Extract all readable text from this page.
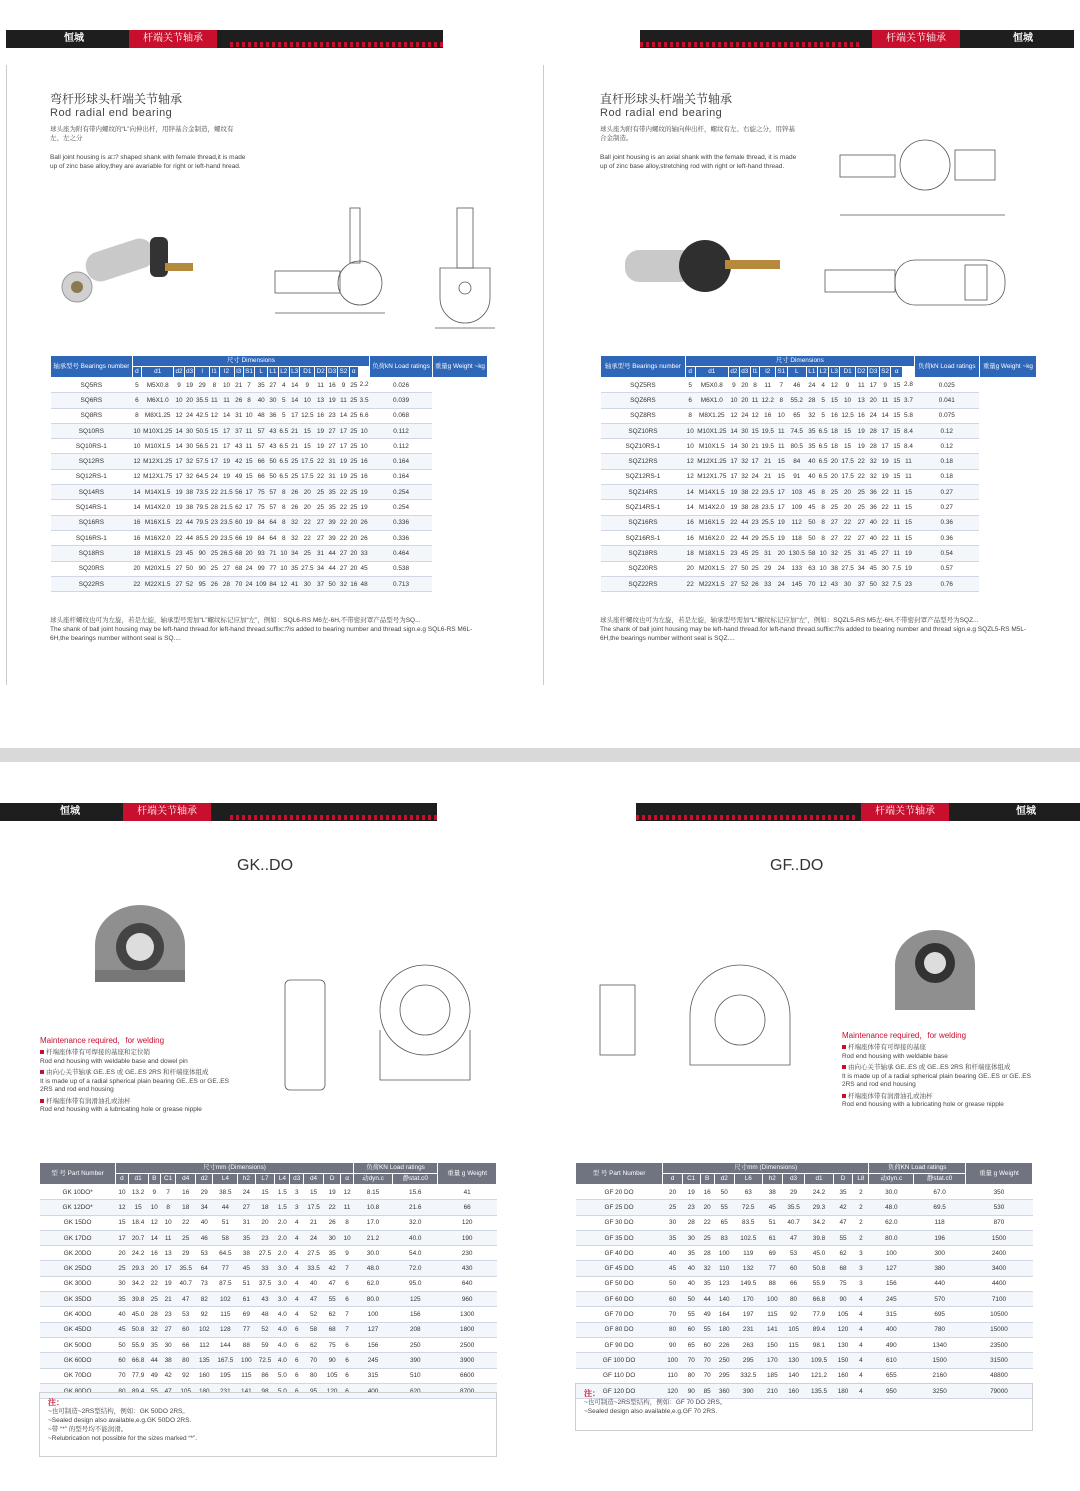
恒城	杆端关节轴承	杆端关节轴承	恒城
弯杆形球头杆端关节轴承
Rod radial end bearing

球头座为附有带内螺纹的“L”向伸出杆，用锌基合金制造，螺纹有左、左之分

Ball joint housing is a□? shaped shank with female thread,it is made up of zinc base alloy,they are avariable for right or left-hand hread.

轴承型号 Bearings number	尺寸 Dimensions																			负荷kN Load ratings	重量g Weight ~kg
	d	d1	d2	d3	l	l1	l2	l3	S1	L	L1	L2	L3	D1	D2	D3	S2	α			
SQ5RS	5	M5X0.8	9	19	29	8	10	21	7	35	27	4	14	9	11	16	9	25	2.2	0.026	
SQ6RS	6	M6X1.0	10	20	35.5	11	11	26	8	40	30	5	14	10	13	19	11	25	3.5	0.039	
SQ8RS	8	M8X1.25	12	24	42.5	12	14	31	10	48	36	5	17	12.5	16	23	14	25	6.6	0.068	
SQ10RS	10	M10X1.25	14	30	50.5	15	17	37	11	57	43	6.5	21	15	19	27	17	25	10	0.112	
SQ10RS-1	10	M10X1.5	14	30	56.5	21	17	43	11	57	43	6.5	21	15	19	27	17	25	10	0.112	
SQ12RS	12	M12X1.25	17	32	57.5	17	19	42	15	66	50	6.5	25	17.5	22	31	19	25	16	0.164	
SQ12RS-1	12	M12X1.75	17	32	64.5	24	19	49	15	66	50	6.5	25	17.5	22	31	19	25	16	0.164	
SQ14RS	14	M14X1.5	19	38	73.5	22	21.5	56	17	75	57	8	26	20	25	35	22	25	19	0.254	
SQ14RS-1	14	M14X2.0	19	38	79.5	28	21.5	62	17	75	57	8	26	20	25	35	22	25	19	0.254	
SQ16RS	16	M16X1.5	22	44	79.5	23	23.5	60	19	84	64	8	32	22	27	39	22	20	26	0.336	
SQ16RS-1	16	M16X2.0	22	44	85.5	29	23.5	66	19	84	64	8	32	22	27	39	22	20	26	0.336	
SQ18RS	18	M18X1.5	23	45	90	25	26.5	68	20	93	71	10	34	25	31	44	27	20	33	0.464	
SQ20RS	20	M20X1.5	27	50	90	25	27	68	24	99	77	10	35	27.5	34	44	27	20	45	0.538	
SQ22RS	22	M22X1.5	27	52	95	26	28	70	24	109	84	12	41	30	37	50	32	16	48	0.713	

球头座杆螺纹也可为左旋，若是左旋，轴承型号需加“L”螺纹标记应加“左”，例如：SQL6-RS M6左-6H,不带密封罩产品型号为SQ...

The shank of ball joint housing may be left-hand thread.for left-hand thread.suffix□?is added to bearing number and thread sign.e.g SQL6-RS M6L-6H,the bearings number withont seal is SQ....

直杆形球头杆端关节轴承
Rod radial end bearing

球头座为附有带内螺纹的轴向伸出杆，螺纹有左、右旋之分，用锌基合金制造。

Ball joint housing is an axial shank with the female thread, it is made up of zinc base alloy,stretching rod with right or left-hand thread.

轴承型号 Bearings number	尺寸 Dimensions																	负荷kN Load ratings	重量g Weight ~kg
	d	d1	d2	d3	l1	l2	S1	L	L1	L2	L3	D1	D2	D3	S2	α			
SQZ5RS	5	M5X0.8	9	20	8	11	7	46	24	4	12	9	11	17	9	15	2.8	0.025	
SQZ6RS	6	M6X1.0	10	20	11	12.2	8	55.2	28	5	15	10	13	20	11	15	3.7	0.041	
SQZ8RS	8	M8X1.25	12	24	12	16	10	65	32	5	16	12.5	16	24	14	15	5.8	0.075	
SQZ10RS	10	M10X1.25	14	30	15	19.5	11	74.5	35	6.5	18	15	19	28	17	15	8.4	0.12	
SQZ10RS-1	10	M10X1.5	14	30	21	19.5	11	80.5	35	6.5	18	15	19	28	17	15	8.4	0.12	
SQZ12RS	12	M12X1.25	17	32	17	21	15	84	40	6.5	20	17.5	22	32	19	15	11	0.18	
SQZ12RS-1	12	M12X1.75	17	32	24	21	15	91	40	6.5	20	17.5	22	32	19	15	11	0.18	
SQZ14RS	14	M14X1.5	19	38	22	23.5	17	103	45	8	25	20	25	36	22	11	15	0.27	
SQZ14RS-1	14	M14X2.0	19	38	28	23.5	17	109	45	8	25	20	25	36	22	11	15	0.27	
SQZ16RS	16	M16X1.5	22	44	23	25.5	19	112	50	8	27	22	27	40	22	11	15	0.36	
SQZ16RS-1	16	M16X2.0	22	44	29	25.5	19	118	50	8	27	22	27	40	22	11	15	0.36	
SQZ18RS	18	M18X1.5	23	45	25	31	20	130.5	58	10	32	25	31	45	27	11	19	0.54	
SQZ20RS	20	M20X1.5	27	50	25	29	24	133	63	10	38	27.5	34	45	30	7.5	19	0.57	
SQZ22RS	22	M22X1.5	27	52	26	33	24	145	70	12	43	30	37	50	32	7.5	23	0.76	

球头座杆螺纹也可为左旋，若是左旋，轴承型号需加“L”螺纹标记应加“左”，例如：SQZL5-RS M5左-6H,不带密封罩产品型号为SQZ...

The shank of ball joint housing may be left-hand thread.for left-hand thread.suffix□?is added to bearing number and thread sign.e.g SQZL5-RS M5L-6H,the bearings number withont seal is SQZ....

恒城	杆端关节轴承	杆端关节轴承	恒城
GK..DO	GF..DO

Maintenance required，for welding

杆端座体带有可焊接的基座和定位销
Rod end housing with weldable base and dowel pin
由向心关节轴承 GE..ES 或 GE..ES 2RS 和杆端座体组成
It is made up of a radial spherical plain bearing GE..ES or GE..ES 2RS and rod end housing
杆端座体带有润滑油孔或油杯
Rod end housing with a lubricating hole or grease nipple

Maintenance required，for welding

杆端座体带有可焊接的基座
Rod end housing with weldable base
由向心关节轴承 GE..ES 或 GE..ES 2RS 和杆端座体组成
It is made up of a radial spherical plain bearing GE..ES or GE..ES 2RS and rod end housing
杆端座体带有润滑油孔或油杯
Rod end housing with a lubricating hole or grease nipple
型 号 Part Number	尺寸mm (Dimensions)														负荷KN Load ratings		重量 g Weight
	d	d1	B	C1	d4	d2	L4	h2	L7	L4	d3	d4	D	α	动dyn.c	静stat.c0	
GK 10DO*	10	13.2	9	7	16	29	38.5	24	15	1.5	3	15	19	12	8.15	15.6	41
GK 12DO*	12	15	10	8	18	34	44	27	18	1.5	3	17.5	22	11	10.8	21.6	66
GK 15DO	15	18.4	12	10	22	40	51	31	20	2.0	4	21	26	8	17.0	32.0	120
GK 17DO	17	20.7	14	11	25	46	58	35	23	2.0	4	24	30	10	21.2	40.0	190
GK 20DO	20	24.2	16	13	29	53	64.5	38	27.5	2.0	4	27.5	35	9	30.0	54.0	230
GK 25DO	25	29.3	20	17	35.5	64	77	45	33	3.0	4	33.5	42	7	48.0	72.0	430
GK 30DO	30	34.2	22	19	40.7	73	87.5	51	37.5	3.0	4	40	47	6	62.0	95.0	640
GK 35DO	35	39.8	25	21	47	82	102	61	43	3.0	4	47	55	6	80.0	125	960
GK 40DO	40	45.0	28	23	53	92	115	69	48	4.0	4	52	62	7	100	156	1300
GK 45DO	45	50.8	32	27	60	102	128	77	52	4.0	6	58	68	7	127	208	1800
GK 50DO	50	55.9	35	30	66	112	144	88	59	4.0	6	62	75	6	156	250	2500
GK 60DO	60	66.8	44	38	80	135	167.5	100	72.5	4.0	6	70	90	6	245	390	3900
GK 70DO	70	77.9	49	42	92	160	195	115	86	5.0	6	80	105	6	315	510	6600
GK 80DO	80	89.4	55	47	105	180	231	141	98	5.0	6	95	120	6	400	620	8700

注：

~也可制造~2RS型结构，例如：GK 50DO 2RS。

~Sealed design also available,e.g.GK 50DO 2RS.

~带 “*” 的型号均不能润滑。

~Relubrication not possible for the sizes marked “*”.

型 号 Part Number	尺寸mm (Dimensions)										负荷KN Load ratings		重量 g Weight
	d	C1	B	d2	L6	h2	d3	d1	D	L8	动dyn.c	静stat.c0	
GF 20 DO	20	19	16	50	63	38	29	24.2	35	2	30.0	67.0	350
GF 25 DO	25	23	20	55	72.5	45	35.5	29.3	42	2	48.0	69.5	530
GF 30 DO	30	28	22	65	83.5	51	40.7	34.2	47	2	62.0	118	870
GF 35 DO	35	30	25	83	102.5	61	47	39.8	55	2	80.0	196	1500
GF 40 DO	40	35	28	100	119	69	53	45.0	62	3	100	300	2400
GF 45 DO	45	40	32	110	132	77	60	50.8	68	3	127	380	3400
GF 50 DO	50	40	35	123	149.5	88	66	55.9	75	3	156	440	4400
GF 60 DO	60	50	44	140	170	100	80	66.8	90	4	245	570	7100
GF 70 DO	70	55	49	164	197	115	92	77.9	105	4	315	695	10500
GF 80 DO	80	60	55	180	231	141	105	89.4	120	4	400	780	15000
GF 90 DO	90	65	60	226	263	150	115	98.1	130	4	490	1340	23500
GF 100 DO	100	70	70	250	295	170	130	109.5	150	4	610	1500	31500
GF 110 DO	110	80	70	295	332.5	185	140	121.2	160	4	655	2160	48800
GF 120 DO	120	90	85	360	390	210	160	135.5	180	4	950	3250	79000

注：

~也可制造~2RS型结构，例如：GF 70 DO 2RS。

~Sealed design also available,e.g.GF 70 2RS.
